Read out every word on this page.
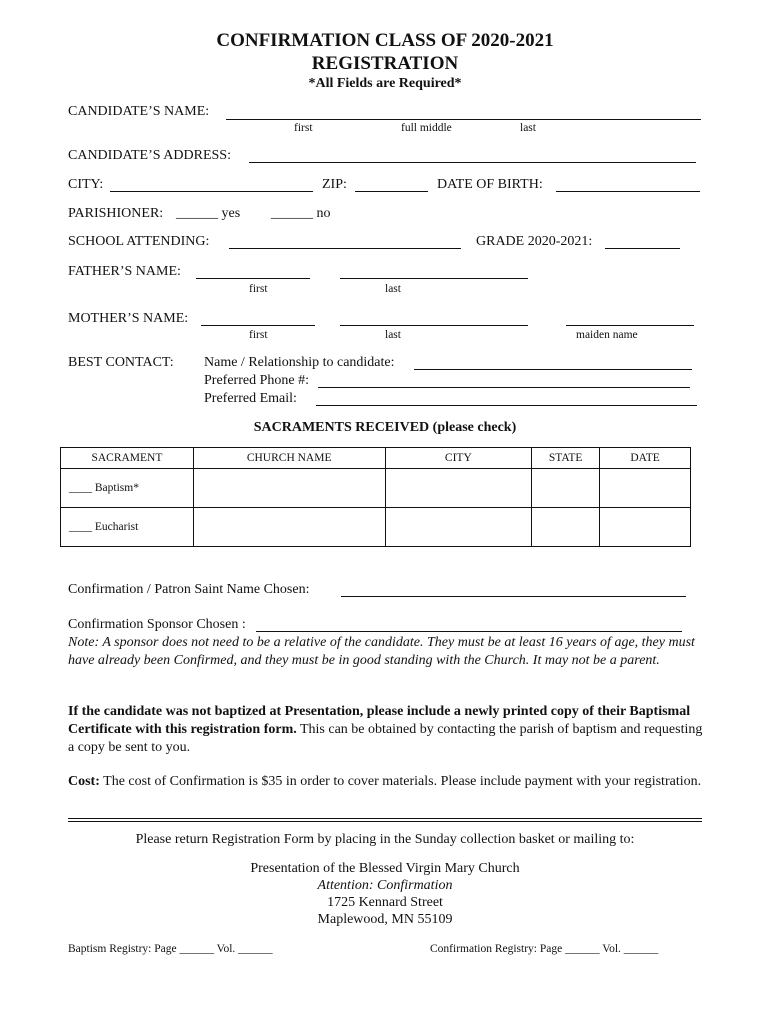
CONFIRMATION CLASS OF 2020-2021
REGISTRATION
*All Fields are Required*
CANDIDATE’S NAME:
first	full middle	last
CANDIDATE’S ADDRESS:
CITY:	ZIP:	DATE OF BIRTH:
PARISHIONER: ______ yes ______ no
SCHOOL ATTENDING:	GRADE 2020-2021:
FATHER’S NAME:
first	last
MOTHER’S NAME:
first	last	maiden name
BEST CONTACT: Name / Relationship to candidate:
Preferred Phone #:
Preferred Email:
SACRAMENTS RECEIVED (please check)
SACRAMENT	CHURCH NAME	CITY	STATE	DATE
____ Baptism*				
____ Eucharist				
Confirmation / Patron Saint Name Chosen:
Confirmation Sponsor Chosen :
Note: A sponsor does not need to be a relative of the candidate. They must be at least 16 years of age, they must have already been Confirmed, and they must be in good standing with the Church. It may not be a parent.
If the candidate was not baptized at Presentation, please include a newly printed copy of their Baptismal Certificate with this registration form. This can be obtained by contacting the parish of baptism and requesting a copy be sent to you.
Cost: The cost of Confirmation is $35 in order to cover materials. Please include payment with your registration.
Please return Registration Form by placing in the Sunday collection basket or mailing to:
Presentation of the Blessed Virgin Mary Church
Attention: Confirmation
1725 Kennard Street
Maplewood, MN 55109
Baptism Registry: Page ______ Vol. ______	Confirmation Registry: Page ______ Vol. ______
